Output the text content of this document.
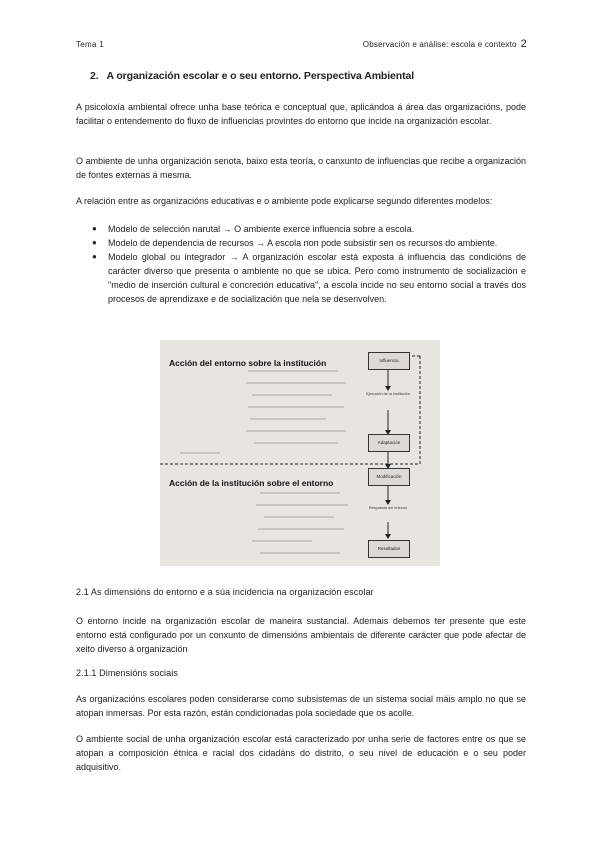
Tema 1	Observación e análise: escola e contexto 2
2. A organización escolar e o seu entorno. Perspectiva Ambiental

A psicoloxía ambiental ofrece unha base teórica e conceptual que, aplicándoa á área das organizacións, pode facilitar o entendemento do fluxo de influencias provintes do entorno que incide na organización escolar.

O ambiente de unha organización senota, baixo esta teoría, o canxunto de influencias que recibe a organización de fontes externas á mesma.

A relación entre as organizacións educativas e o ambiente pode explicarse segundo diferentes modelos:

● Modelo de selección narutal → O ambiente exerce influencia sobre a escola.
● Modelo de dependencia de recursos → A escola non pode subsistir sen os recursos do ambiente.
● Modelo global ou integrador → A organización escolar está exposta á influencia das condicións de carácter diverso que presenta o ambiente no que se ubica. Pero como instrumento de socialización e "medio de inserción cultural e concreción educativa", a escola incide no seu entorno social a través dos procesos de aprendizaxe e de socialización que nela se desenvolven.
Acción del entorno sobre la institución
Acción de la institución sobre el entorno
Influencia
Ejecución de la institución
Adaptación
Modificación
Respuesta del entorno
Resultados
2.1 As dimensións do entorno e a súa incidencia na organización escolar

O entorno incide na organización escolar de maneira sustancial. Ademais debemos ter presente que este entorno está configurado por un conxunto de dimensións ambientais de diferente carácter que pode afectar de xeito diverso á organización

2.1.1 Dimensións sociais

As organizacións escolares poden considerarse como subsistemas de un sistema social máis amplo no que se atopan inmersas. Por esta razón, están condicionadas pola sociedade que os acolle.

O ambiente social de unha organización escolar está caracterizado por unha serie de factores entre os que se atopan a composición étnica e racial dos cidadáns do distrito, o seu nivel de educación e o seu poder adquisitivo.
